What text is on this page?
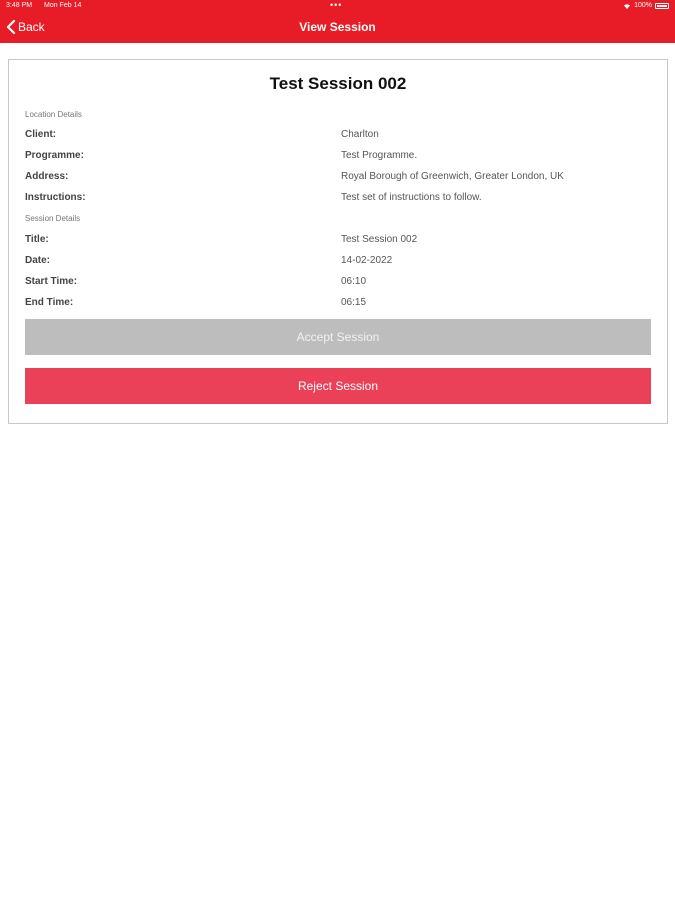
3:48 PM Mon Feb 14	•••	100%
Back	View Session
Test Session 002
Location Details
Client:	Charlton
Programme:	Test Programme.
Address:	Royal Borough of Greenwich, Greater London, UK
Instructions:	Test set of instructions to follow.
Session Details
Title:	Test Session 002
Date:	14-02-2022
Start Time:	06:10
End Time:	06:15
Accept Session
Reject Session
